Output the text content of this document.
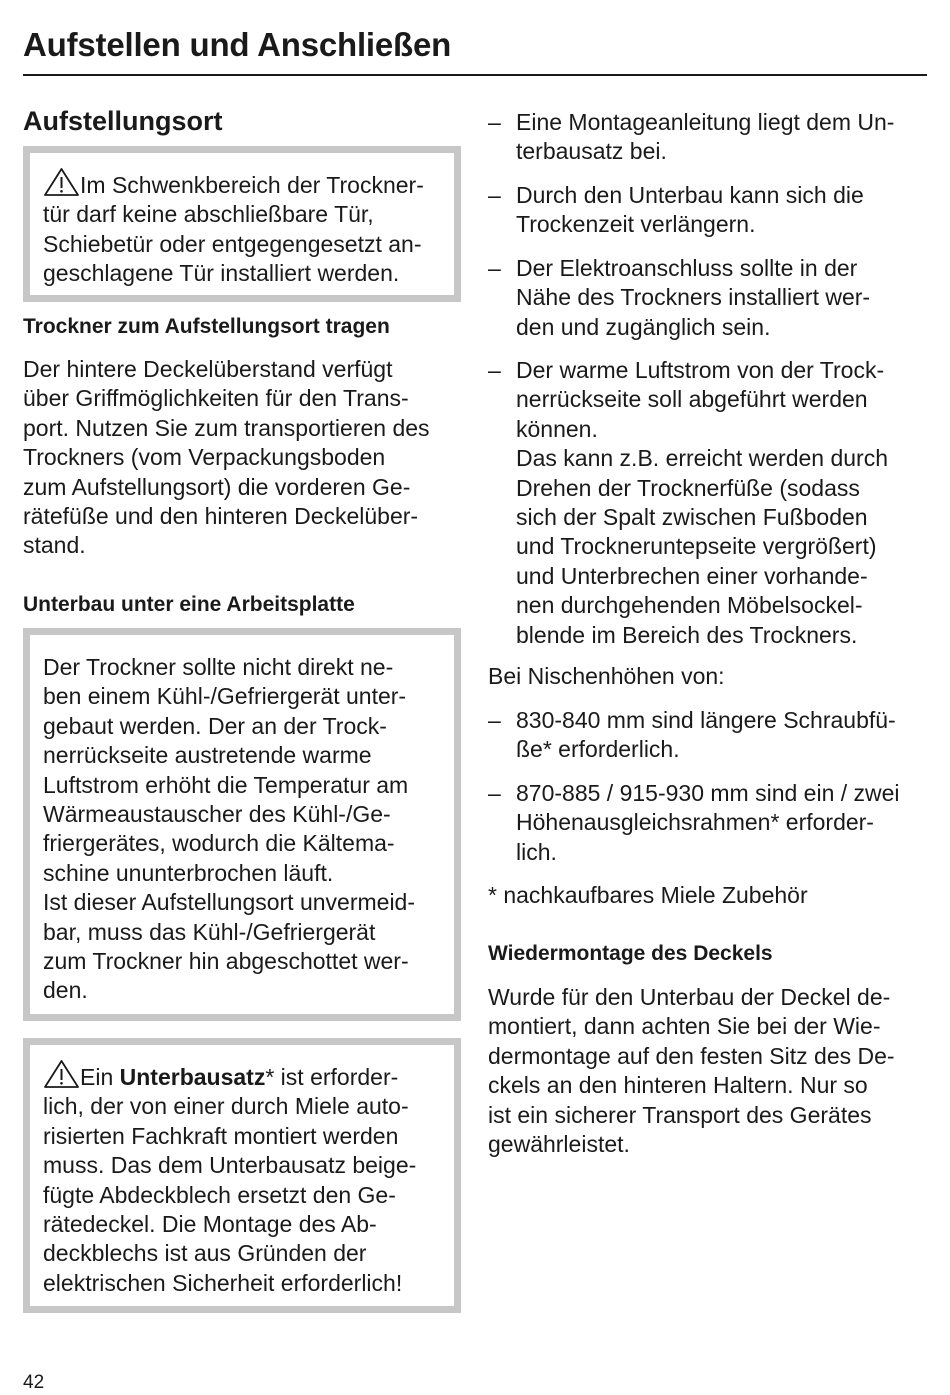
Aufstellen und Anschließen
Aufstellungsort

Im Schwenkbereich der Trockner-

tür darf keine abschließbare Tür,

Schiebetür oder entgegengesetzt an-

geschlagene Tür installiert werden.

Trockner zum Aufstellungsort tragen
Der hintere Deckelüberstand verfügt
über Griffmöglichkeiten für den Trans-
port. Nutzen Sie zum transportieren des
Trockners (vom Verpackungsboden
zum Aufstellungsort) die vorderen Ge-
rätefüße und den hinteren Deckelüber-
stand.
Unterbau unter eine Arbeitsplatte

Der Trockner sollte nicht direkt ne-

ben einem Kühl-/Gefriergerät unter-

gebaut werden. Der an der Trock-

nerrückseite austretende warme

Luftstrom erhöht die Temperatur am

Wärmeaustauscher des Kühl-/Ge-

friergerätes, wodurch die Kältema-

schine ununterbrochen läuft.

Ist dieser Aufstellungsort unvermeid-

bar, muss das Kühl-/Gefriergerät

zum Trockner hin abgeschottet wer-

den.

Ein Unterbausatz* ist erforder-

lich, der von einer durch Miele auto-

risierten Fachkraft montiert werden

muss. Das dem Unterbausatz beige-

fügte Abdeckblech ersetzt den Ge-

rätedeckel. Die Montage des Ab-

deckblechs ist aus Gründen der

elektrischen Sicherheit erforderlich!

– Eine Montageanleitung liegt dem Un-

terbausatz bei.

– Durch den Unterbau kann sich die

Trockenzeit verlängern.

– Der Elektroanschluss sollte in der

Nähe des Trockners installiert wer-

den und zugänglich sein.

– Der warme Luftstrom von der Trock-

nerrückseite soll abgeführt werden

können.

Das kann z.B. erreicht werden durch

Drehen der Trocknerfüße (sodass

sich der Spalt zwischen Fußboden

und Trockneruntерseite vergrößert)

und Unterbrechen einer vorhande-

nen durchgehenden Möbelsockel-

blende im Bereich des Trockners.

Bei Nischenhöhen von:
– 830-840 mm sind längere Schraubfü-

ße* erforderlich.

– 870-885 / 915-930 mm sind ein / zwei

Höhenausgleichsrahmen* erforder-

lich.

* nachkaufbares Miele Zubehör
Wiedermontage des Deckels
Wurde für den Unterbau der Deckel de-
montiert, dann achten Sie bei der Wie-
dermontage auf den festen Sitz des De-
ckels an den hinteren Haltern. Nur so
ist ein sicherer Transport des Gerätes
gewährleistet.
42
